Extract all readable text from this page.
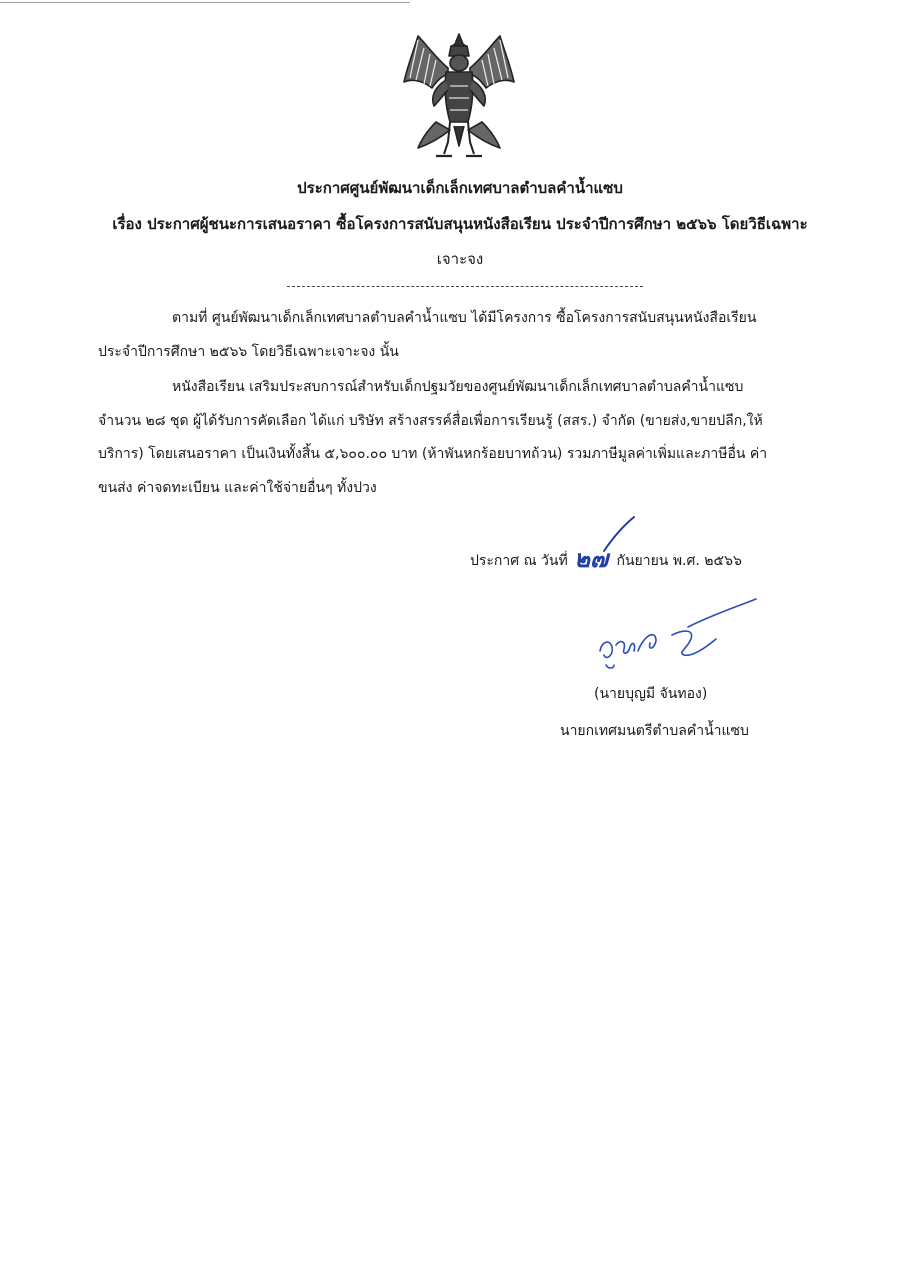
ประกาศศูนย์พัฒนาเด็กเล็กเทศบาลตำบลคำน้ำแซบ
เรื่อง ประกาศผู้ชนะการเสนอราคา ซื้อโครงการสนับสนุนหนังสือเรียน ประจำปีการศึกษา ๒๕๖๖ โดยวิธีเฉพาะ
เจาะจง
ตามที่ ศูนย์พัฒนาเด็กเล็กเทศบาลตำบลคำน้ำแซบ ได้มีโครงการ ซื้อโครงการสนับสนุนหนังสือเรียน
ประจำปีการศึกษา ๒๕๖๖ โดยวิธีเฉพาะเจาะจง นั้น
หนังสือเรียน เสริมประสบการณ์สำหรับเด็กปฐมวัยของศูนย์พัฒนาเด็กเล็กเทศบาลตำบลคำน้ำแซบ
จำนวน ๒๘ ชุด ผู้ได้รับการคัดเลือก ได้แก่ บริษัท สร้างสรรค์สื่อเพื่อการเรียนรู้ (สสร.) จำกัด (ขายส่ง,ขายปลีก,ให้
บริการ) โดยเสนอราคา เป็นเงินทั้งสิ้น ๕,๖๐๐.๐๐ บาท (ห้าพันหกร้อยบาทถ้วน) รวมภาษีมูลค่าเพิ่มและภาษีอื่น ค่า
ขนส่ง ค่าจดทะเบียน และค่าใช้จ่ายอื่นๆ ทั้งปวง
ประกาศ ณ วันที่ ๒๗ กันยายน พ.ศ. ๒๕๖๖
(นายบุญมี จันทอง)
นายกเทศมนตรีตำบลคำน้ำแซบ
